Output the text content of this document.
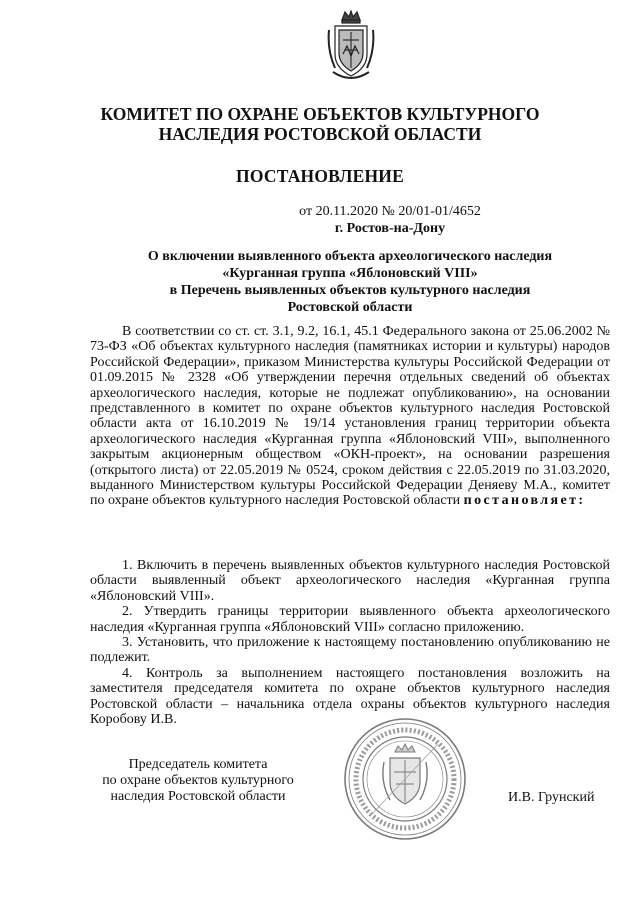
КОМИТЕТ ПО ОХРАНЕ ОБЪЕКТОВ КУЛЬТУРНОГО
НАСЛЕДИЯ РОСТОВСКОЙ ОБЛАСТИ
ПОСТАНОВЛЕНИЕ
от 20.11.2020 № 20/01-01/4652
г. Ростов-на-Дону
О включении выявленного объекта археологического наследия
«Курганная группа «Яблоновский VIII»
в Перечень выявленных объектов культурного наследия
Ростовской области

В соответствии со ст. ст. 3.1, 9.2, 16.1, 45.1 Федерального закона от 25.06.2002 № 73-ФЗ «Об объектах культурного наследия (памятниках истории и культуры) народов Российской Федерации», приказом Министерства культуры Российской Федерации от 01.09.2015 № 2328 «Об утверждении перечня отдельных сведений об объектах археологического наследия, которые не подлежат опубликованию», на основании представленного в комитет по охране объектов культурного наследия Ростовской области акта от 16.10.2019 № 19/14 установления границ территории объекта археологического наследия «Курганная группа «Яблоновский VIII», выполненного закрытым акционерным обществом «ОКН-проект», на основании разрешения (открытого листа) от 22.05.2019 № 0524, сроком действия с 22.05.2019 по 31.03.2020, выданного Министерством культуры Российской Федерации Деняеву М.А., комитет по охране объектов культурного наследия Ростовской области постановляет:

1. Включить в перечень выявленных объектов культурного наследия Ростовской области выявленный объект археологического наследия «Курганная группа «Яблоновский VIII».

2. Утвердить границы территории выявленного объекта археологического наследия «Курганная группа «Яблоновский VIII» согласно приложению.

3. Установить, что приложение к настоящему постановлению опубликованию не подлежит.

4. Контроль за выполнением настоящего постановления возложить на заместителя председателя комитета по охране объектов культурного наследия Ростовской области – начальника отдела охраны объектов культурного наследия Коробову И.В.

Председатель комитета
по охране объектов культурного
наследия Ростовской области	И.В. Грунский
